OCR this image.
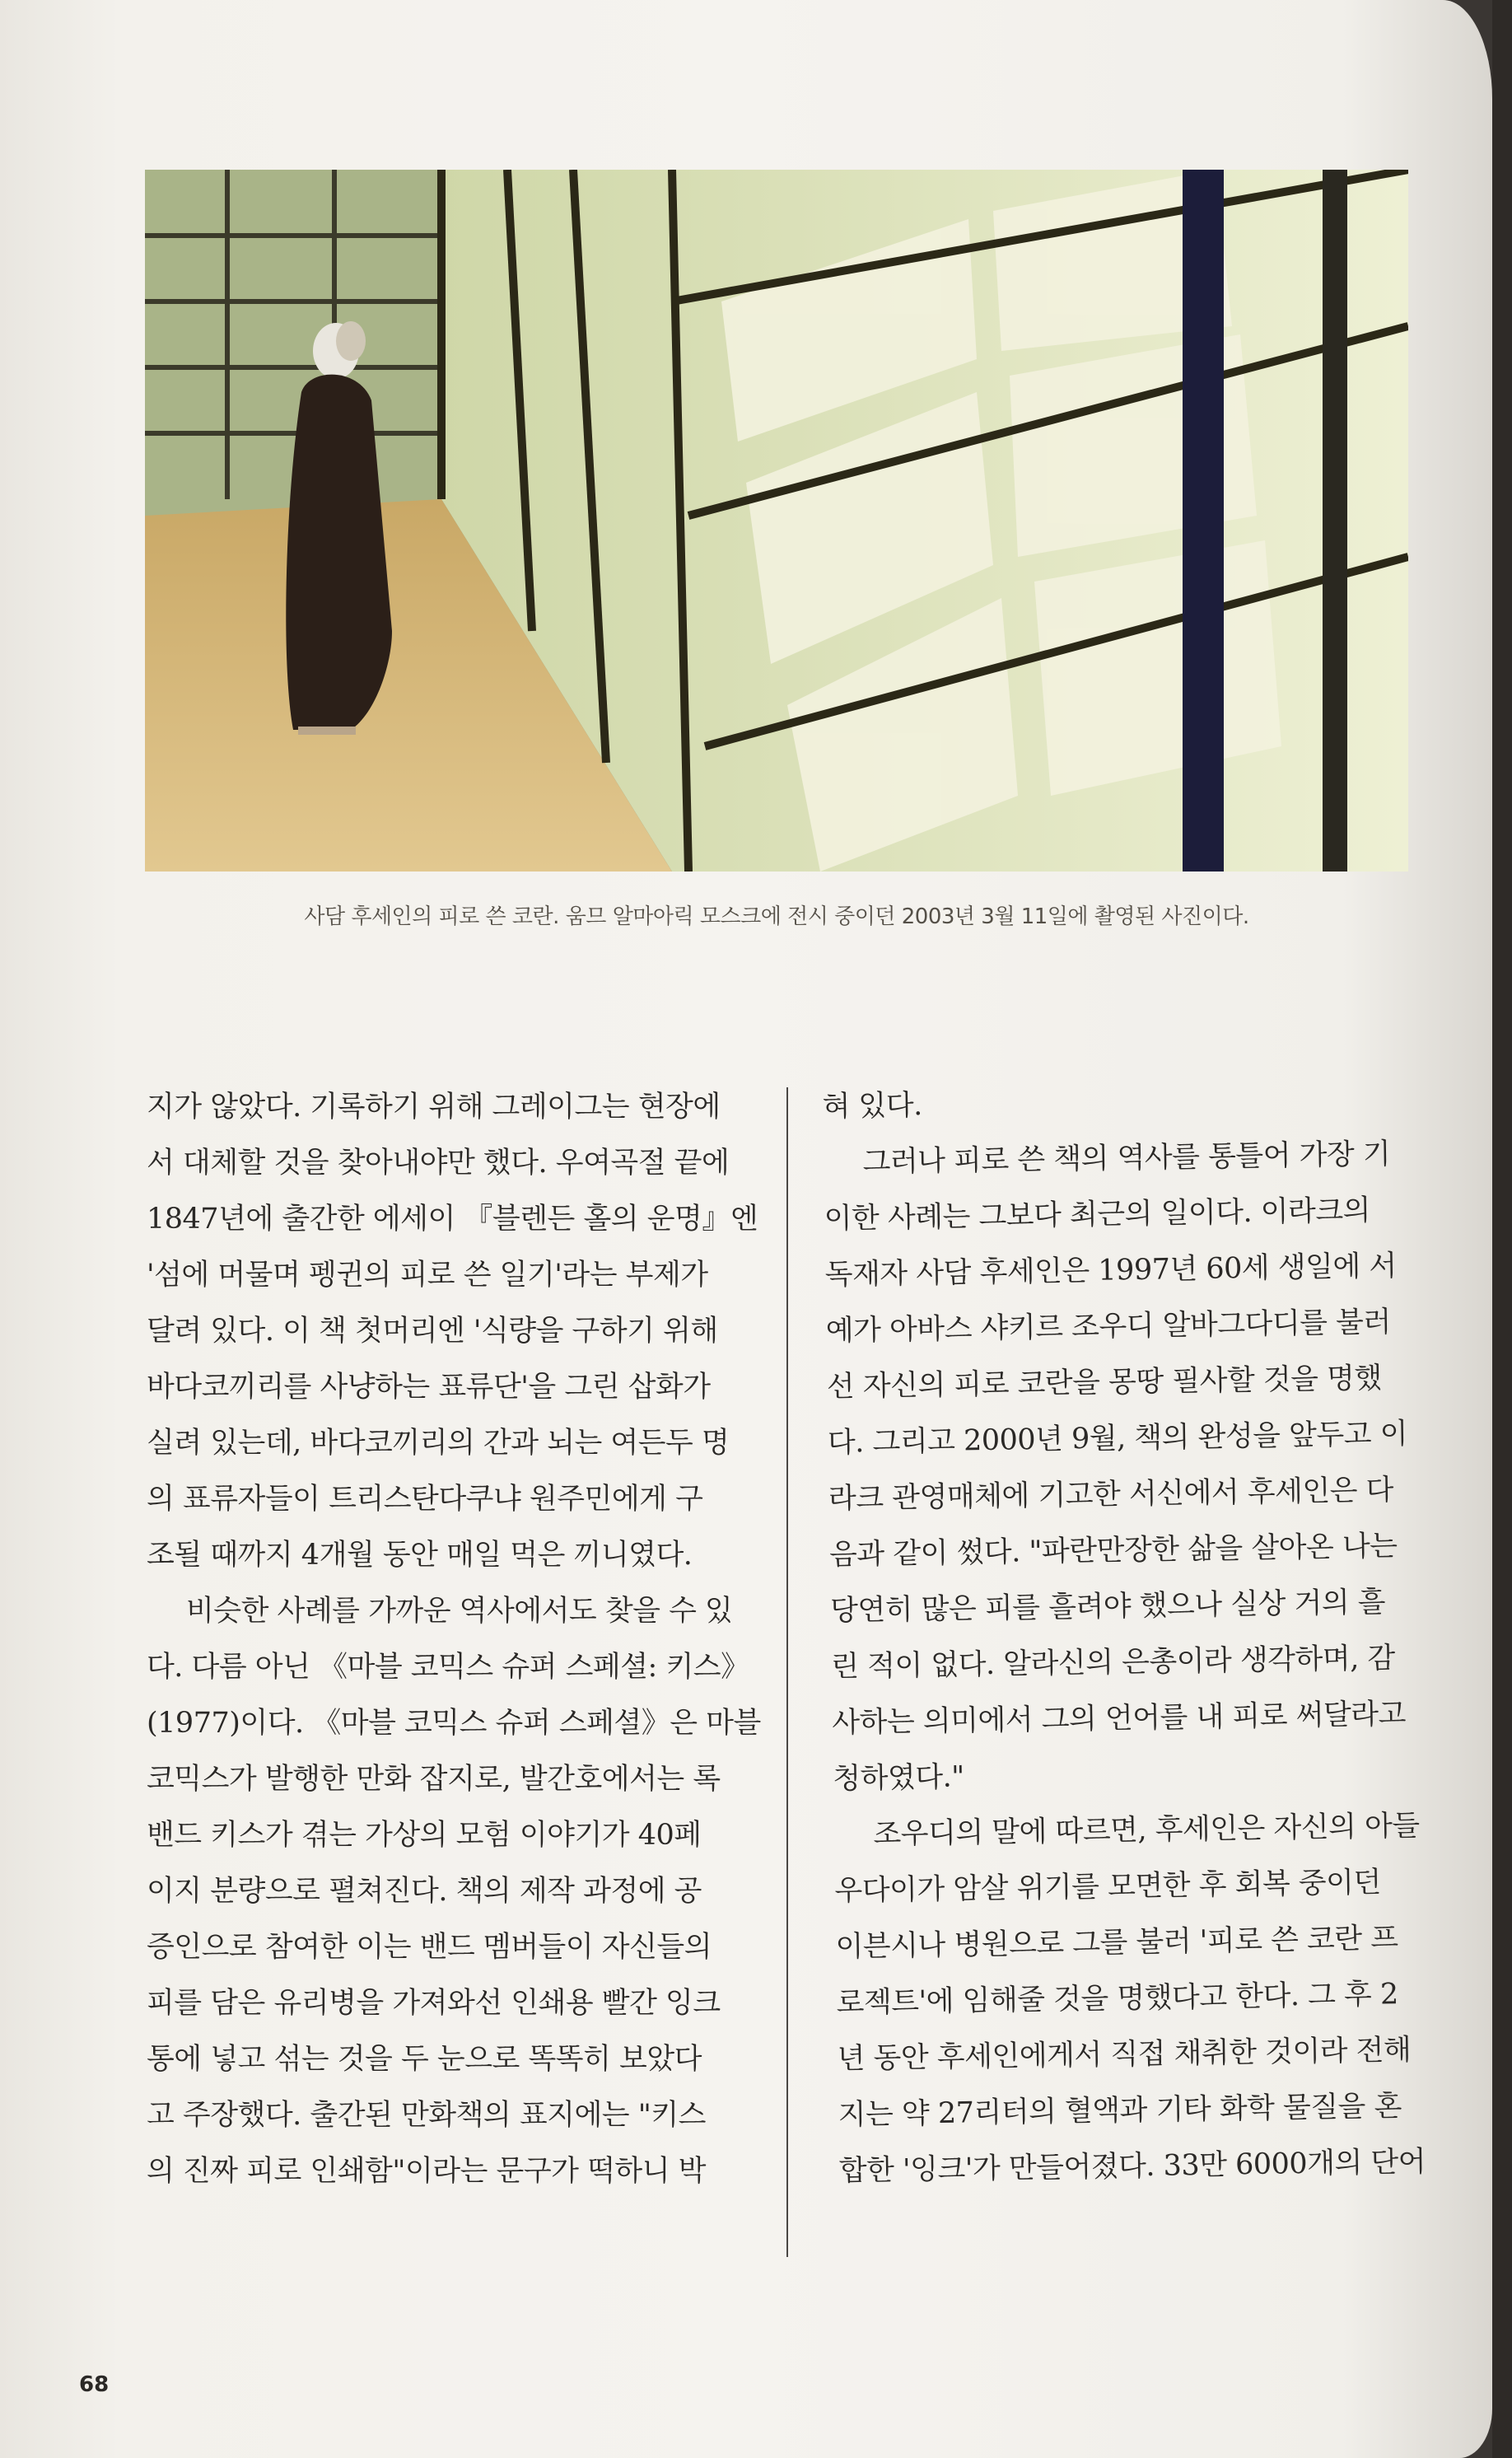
사담 후세인의 피로 쓴 코란. 움므 알마아릭 모스크에 전시 중이던 2003년 3월 11일에 촬영된 사진이다.

지가 않았다. 기록하기 위해 그레이그는 현장에

서 대체할 것을 찾아내야만 했다. 우여곡절 끝에

1847년에 출간한 에세이 『블렌든 홀의 운명』엔

'섬에 머물며 펭귄의 피로 쓴 일기'라는 부제가

달려 있다. 이 책 첫머리엔 '식량을 구하기 위해

바다코끼리를 사냥하는 표류단'을 그린 삽화가

실려 있는데, 바다코끼리의 간과 뇌는 여든두 명

의 표류자들이 트리스탄다쿠냐 원주민에게 구

조될 때까지 4개월 동안 매일 먹은 끼니였다.

비슷한 사례를 가까운 역사에서도 찾을 수 있

다. 다름 아닌 《마블 코믹스 슈퍼 스페셜: 키스》

(1977)이다. 《마블 코믹스 슈퍼 스페셜》은 마블

코믹스가 발행한 만화 잡지로, 발간호에서는 록

밴드 키스가 겪는 가상의 모험 이야기가 40페

이지 분량으로 펼쳐진다. 책의 제작 과정에 공

증인으로 참여한 이는 밴드 멤버들이 자신들의

피를 담은 유리병을 가져와선 인쇄용 빨간 잉크

통에 넣고 섞는 것을 두 눈으로 똑똑히 보았다

고 주장했다. 출간된 만화책의 표지에는 "키스

의 진짜 피로 인쇄함"이라는 문구가 떡하니 박

혀 있다.

그러나 피로 쓴 책의 역사를 통틀어 가장 기

이한 사례는 그보다 최근의 일이다. 이라크의

독재자 사담 후세인은 1997년 60세 생일에 서

예가 아바스 샤키르 조우디 알바그다디를 불러

선 자신의 피로 코란을 몽땅 필사할 것을 명했

다. 그리고 2000년 9월, 책의 완성을 앞두고 이

라크 관영매체에 기고한 서신에서 후세인은 다

음과 같이 썼다. "파란만장한 삶을 살아온 나는

당연히 많은 피를 흘려야 했으나 실상 거의 흘

린 적이 없다. 알라신의 은총이라 생각하며, 감

사하는 의미에서 그의 언어를 내 피로 써달라고

청하였다."

조우디의 말에 따르면, 후세인은 자신의 아들

우다이가 암살 위기를 모면한 후 회복 중이던

이븐시나 병원으로 그를 불러 '피로 쓴 코란 프

로젝트'에 임해줄 것을 명했다고 한다. 그 후 2

년 동안 후세인에게서 직접 채취한 것이라 전해

지는 약 27리터의 혈액과 기타 화학 물질을 혼

합한 '잉크'가 만들어졌다. 33만 6000개의 단어

68
